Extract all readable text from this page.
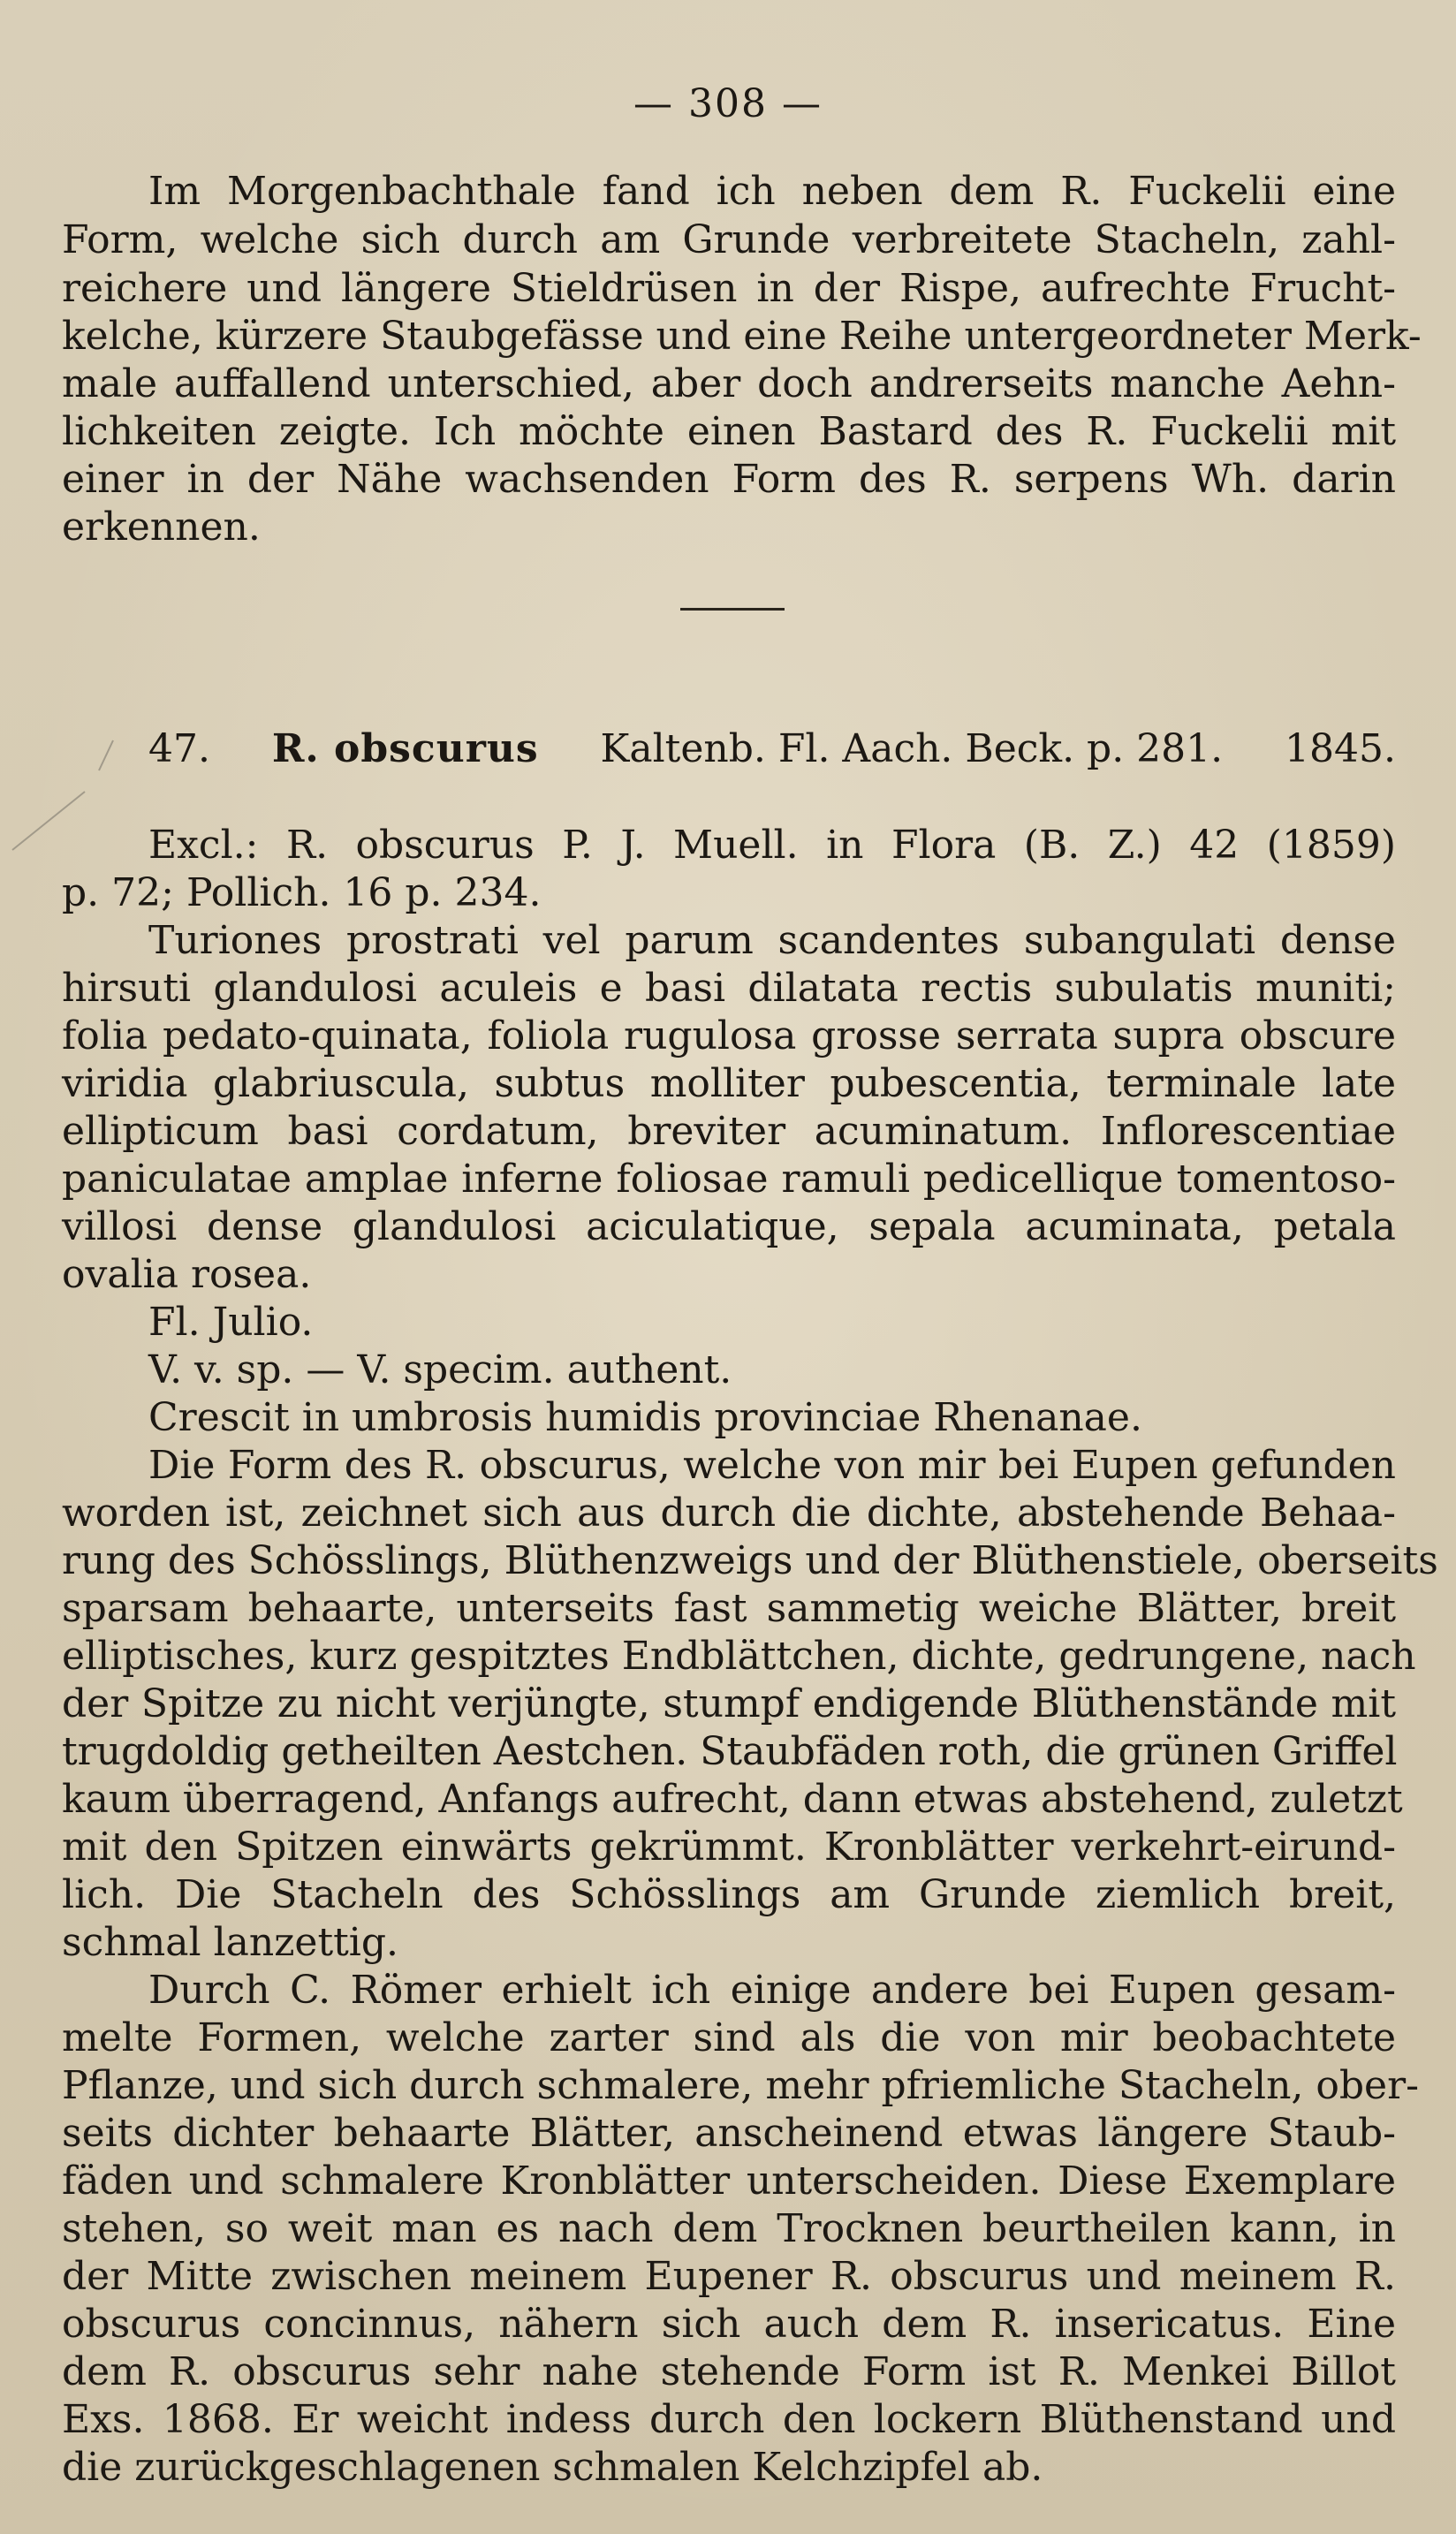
— 308 —
Im Morgenbachthale fand ich neben dem R. Fuckelii eine
Form, welche sich durch am Grunde verbreitete Stacheln, zahl-
reichere und längere Stieldrüsen in der Rispe, aufrechte Frucht-
kelche, kürzere Staubgefässe und eine Reihe untergeordneter Merk-
male auffallend unterschied, aber doch andrerseits manche Aehn-
lichkeiten zeigte. Ich möchte einen Bastard des R. Fuckelii mit
einer in der Nähe wachsenden Form des R. serpens Wh. darin
erkennen.
47. R. obscurus Kaltenb. Fl. Aach. Beck. p. 281. 1845.
Excl.: R. obscurus P. J. Muell. in Flora (B. Z.) 42 (1859)
p. 72; Pollich. 16 p. 234.
Turiones prostrati vel parum scandentes subangulati dense
hirsuti glandulosi aculeis e basi dilatata rectis subulatis muniti;
folia pedato-quinata, foliola rugulosa grosse serrata supra obscure
viridia glabriuscula, subtus molliter pubescentia, terminale late
ellipticum basi cordatum, breviter acuminatum. Inflorescentiae
paniculatae amplae inferne foliosae ramuli pedicellique tomentoso-
villosi dense glandulosi aciculatique, sepala acuminata, petala
ovalia rosea.
Fl. Julio.
V. v. sp. — V. specim. authent.
Crescit in umbrosis humidis provinciae Rhenanae.
Die Form des R. obscurus, welche von mir bei Eupen gefunden
worden ist, zeichnet sich aus durch die dichte, abstehende Behaa-
rung des Schösslings, Blüthenzweigs und der Blüthenstiele, oberseits
sparsam behaarte, unterseits fast sammetig weiche Blätter, breit
elliptisches, kurz gespitztes Endblättchen, dichte, gedrungene, nach
der Spitze zu nicht verjüngte, stumpf endigende Blüthenstände mit
trugdoldig getheilten Aestchen. Staubfäden roth, die grünen Griffel
kaum überragend, Anfangs aufrecht, dann etwas abstehend, zuletzt
mit den Spitzen einwärts gekrümmt. Kronblätter verkehrt-eirund-
lich. Die Stacheln des Schösslings am Grunde ziemlich breit,
schmal lanzettig.
Durch C. Römer erhielt ich einige andere bei Eupen gesam-
melte Formen, welche zarter sind als die von mir beobachtete
Pflanze, und sich durch schmalere, mehr pfriemliche Stacheln, ober-
seits dichter behaarte Blätter, anscheinend etwas längere Staub-
fäden und schmalere Kronblätter unterscheiden. Diese Exemplare
stehen, so weit man es nach dem Trocknen beurtheilen kann, in
der Mitte zwischen meinem Eupener R. obscurus und meinem R.
obscurus concinnus, nähern sich auch dem R. insericatus. Eine
dem R. obscurus sehr nahe stehende Form ist R. Menkei Billot
Exs. 1868. Er weicht indess durch den lockern Blüthenstand und
die zurückgeschlagenen schmalen Kelchzipfel ab.
